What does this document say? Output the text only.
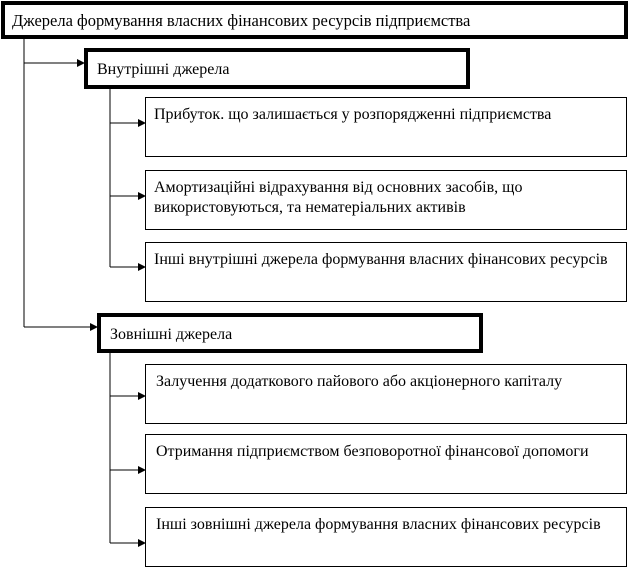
Джерела формування власних фінансових ресурсів підприємства
Внутрішні джерела
Прибуток. що залишається у розпорядженні підприємства
Амортизаційні відрахування від основних засобів, що використовуються, та нематеріальних активів
Інші внутрішні джерела формування власних фінансових ресурсів
Зовнішні джерела
Залучення додаткового пайового або акціонерного капіталу
Отримання підприємством безповоротної фінансової допомоги
Інші зовнішні джерела формування власних фінансових ресурсів
